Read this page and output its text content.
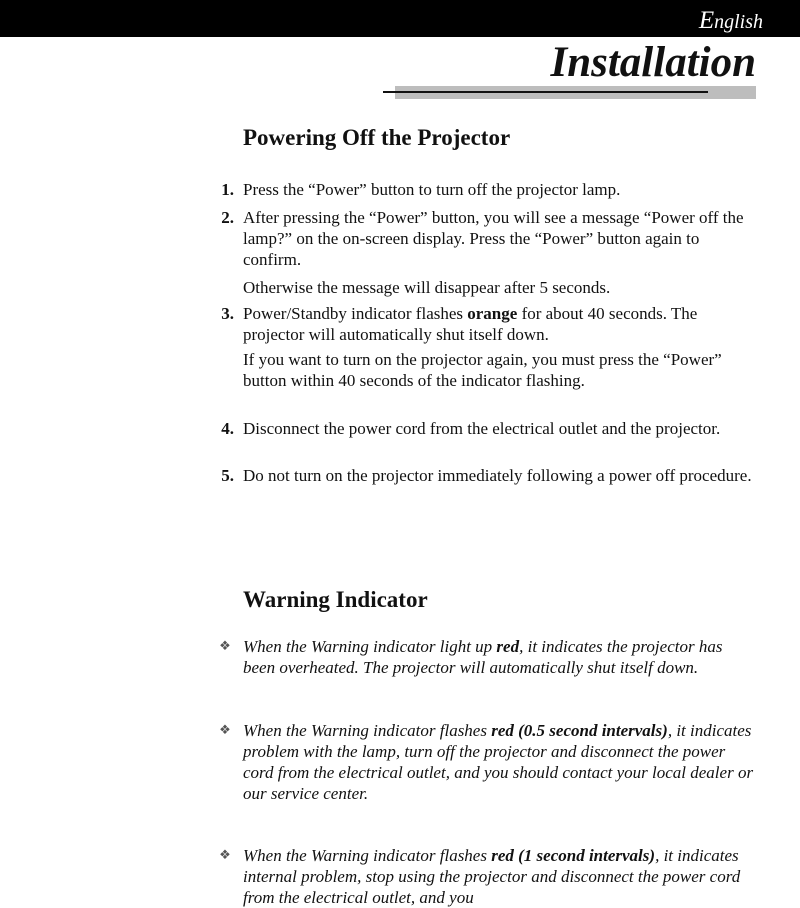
English
Installation
Powering Off the Projector
1. Press the “Power” button to turn off the projector lamp.

2. After pressing the “Power” button, you will see a message “Power off the lamp?” on the on-screen display. Press the “Power” button again to confirm.

Otherwise the message will disappear after 5 seconds.

3. Power/Standby indicator flashes orange for about 40 seconds. The projector will automatically shut itself down.

If you want to turn on the projector again, you must press the “Power” button within 40 seconds of the indicator flashing.

4. Disconnect the power cord from the electrical outlet and the projector.

5. Do not turn on the projector immediately following a power off procedure.

Warning Indicator
❖ When the Warning indicator light up red, it indicates the projector has been overheated. The projector will automatically shut itself down.

❖ When the Warning indicator flashes red (0.5 second intervals), it indicates problem with the lamp, turn off the projector and disconnect the power cord from the electrical outlet, and you should contact your local dealer or our service center.

❖ When the Warning indicator flashes red (1 second intervals), it indicates internal problem, stop using the projector and disconnect the power cord from the electrical outlet, and you
